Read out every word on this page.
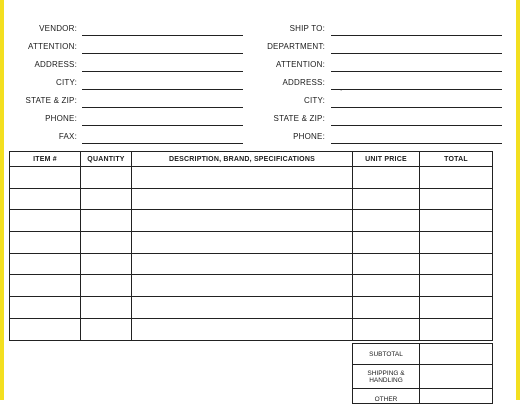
VENDOR:
ATTENTION:
ADDRESS:
CITY:
STATE & ZIP:
PHONE:
FAX:
SHIP TO:
DEPARTMENT:
ATTENTION:
ADDRESS:
.
CITY:
STATE & ZIP:
PHONE:
ITEM #	QUANTITY	DESCRIPTION, BRAND, SPECIFICATIONS	UNIT PRICE	TOTAL

SUBTOTAL	

SHIPPING &
HANDLING	

OTHER	
